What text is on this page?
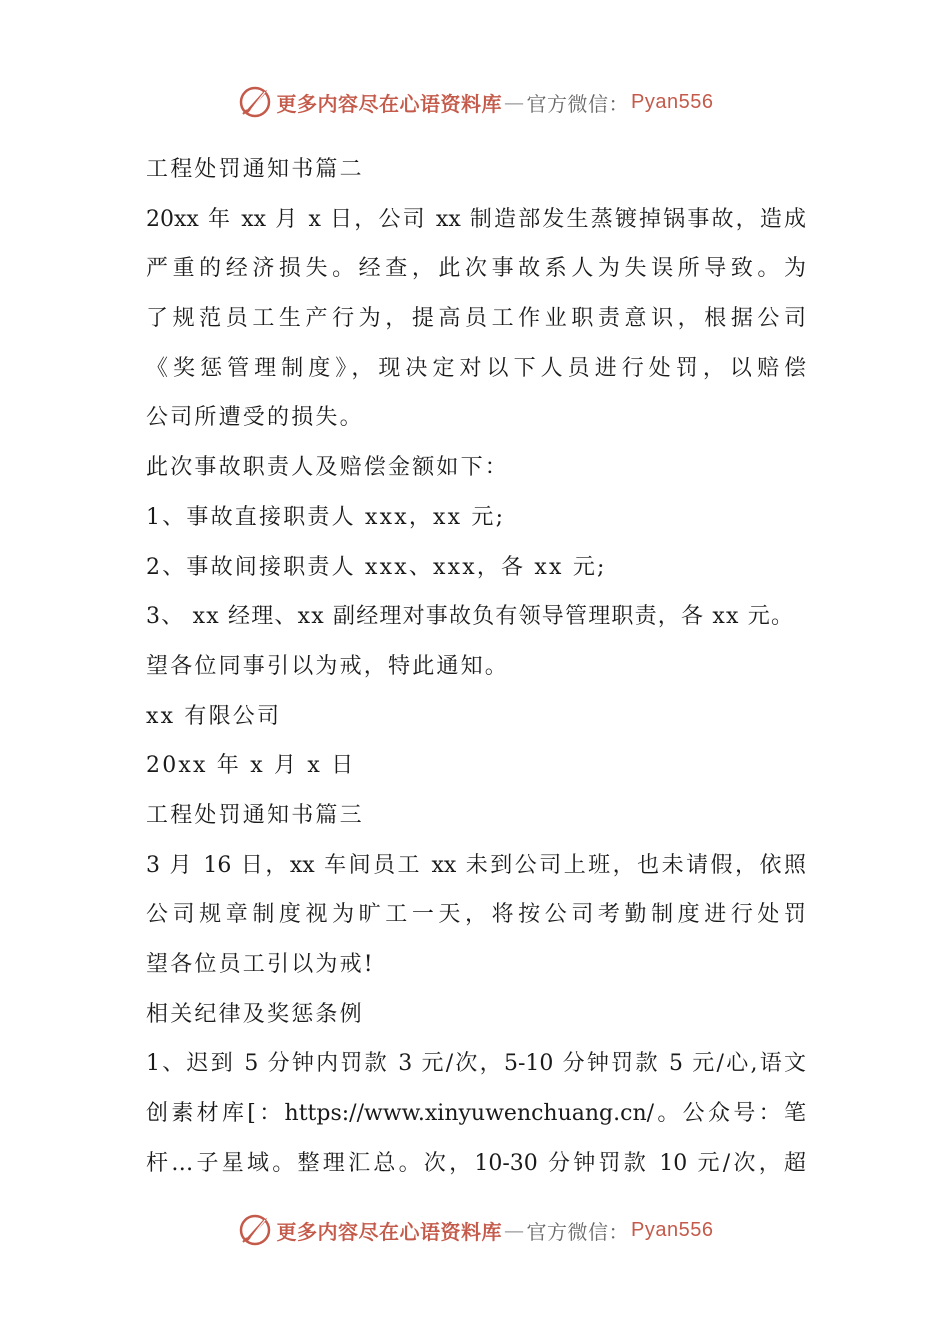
更多内容尽在心语资料库 — 官方微信： Pyan556
工程处罚通知书篇二
20xx 年 xx 月 x 日，公司 xx 制造部发生蒸镀掉锅事故，造成
严重的经济损失。经查，此次事故系人为失误所导致。为
了规范员工生产行为，提高员工作业职责意识，根据公司
《奖惩管理制度》，现决定对以下人员进行处罚，以赔偿
公司所遭受的损失。
此次事故职责人及赔偿金额如下：
1、事故直接职责人 xxx，xx 元;
2、事故间接职责人 xxx、xxx，各 xx 元;
3、 xx 经理、xx 副经理对事故负有领导管理职责，各 xx 元。
望各位同事引以为戒，特此通知。
xx 有限公司
20xx 年 x 月 x 日
工程处罚通知书篇三
3 月 16 日，xx 车间员工 xx 未到公司上班，也未请假，依照
公司规章制度视为旷工一天，将按公司考勤制度进行处罚
望各位员工引以为戒!
相关纪律及奖惩条例
1、迟到 5 分钟内罚款 3 元/次，5-10 分钟罚款 5 元/心,语文
创素材库[：https://www.xinyuwenchuang.cn/。公众号：笔
杆…子星域。整理汇总。次，10-30 分钟罚款 10 元/次，超
更多内容尽在心语资料库 — 官方微信： Pyan556
